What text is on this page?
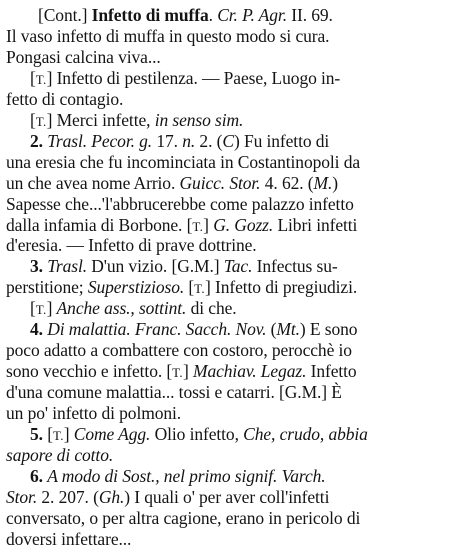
[Cont.] Infetto di muffa. Cr. P. Agr. II. 69.
Il vaso infetto di muffa in questo modo si cura.
Pongasi calcina viva...
[T.] Infetto di pestilenza. — Paese, Luogo in-
fetto di contagio.
[T.] Merci infette, in senso sim.
2. Trasl. Pecor. g. 17. n. 2. (C) Fu infetto di
una eresia che fu incominciata in Costantinopoli da
un che avea nome Arrio. Guicc. Stor. 4. 62. (M.)
Sapesse che...'l'abbrucerebbe come palazzo infetto
dalla infamia di Borbone. [T.] G. Gozz. Libri infetti
d'eresia. — Infetto di prave dottrine.
3. Trasl. D'un vizio. [G.M.] Tac. Infectus su-
perstitione; Superstizioso. [T.] Infetto di pregiudizi.
[T.] Anche ass., sottint. di che.
4. Di malattia. Franc. Sacch. Nov. (Mt.) E sono
poco adatto a combattere con costoro, perocchè io
sono vecchio e infetto. [T.] Machiav. Legaz. Infetto
d'una comune malattia... tossi e catarri. [G.M.] È
un po' infetto di polmoni.
5. [T.] Come Agg. Olio infetto, Che, crudo, abbia
sapore di cotto.
6. A modo di Sost., nel primo signif. Varch.
Stor. 2. 207. (Gh.) I quali o' per aver coll'infetti
conversato, o per altra cagione, erano in pericolo di
doversi infettare...
